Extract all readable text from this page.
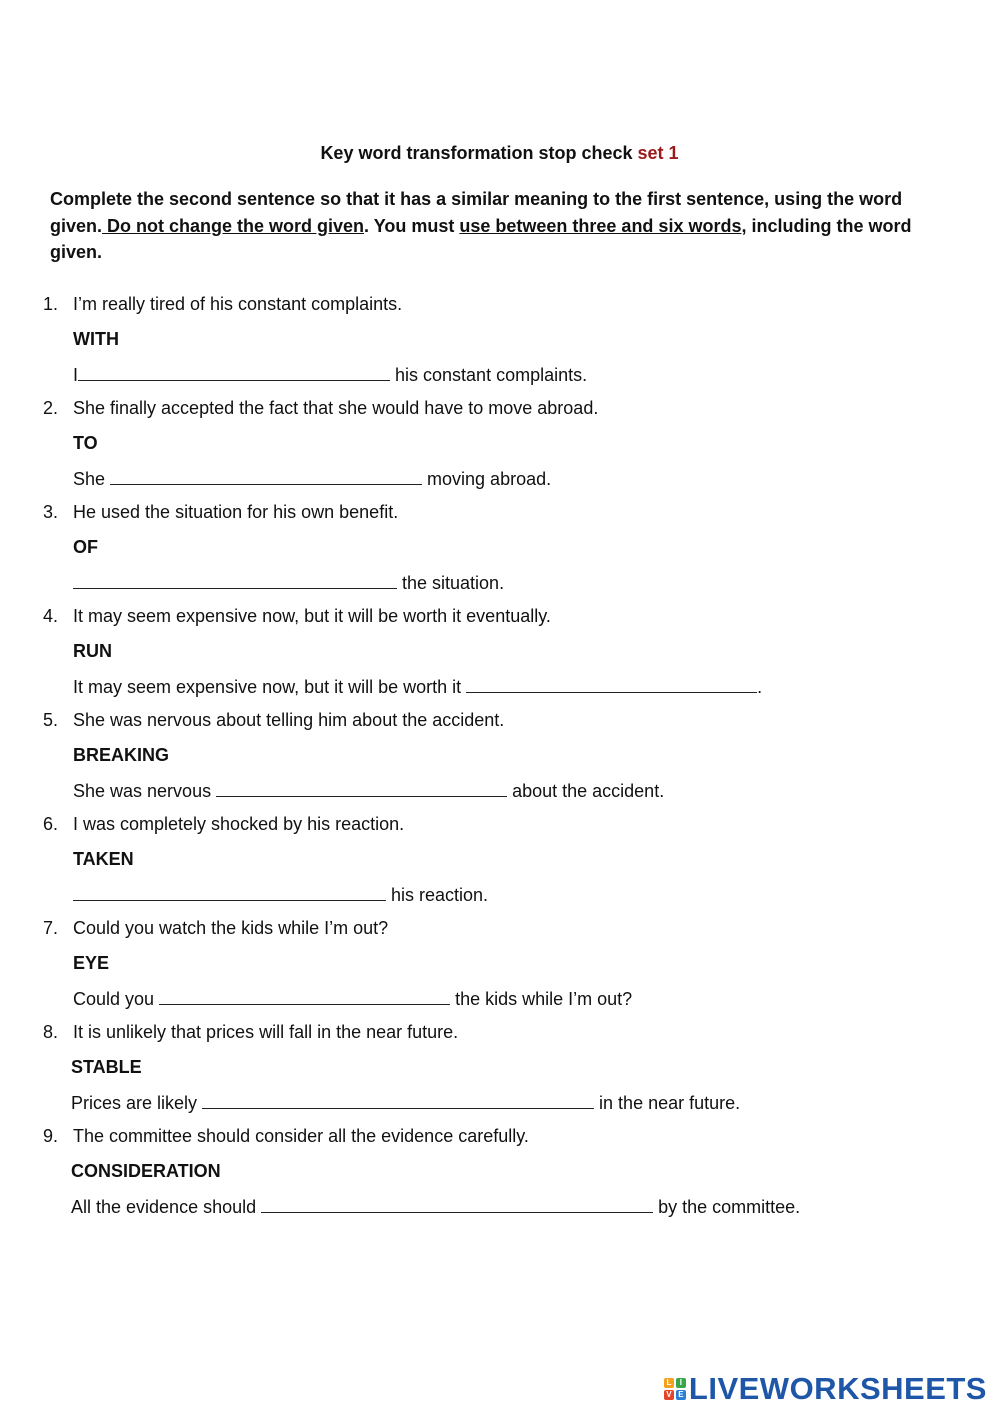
Key word transformation stop check set 1
Complete the second sentence so that it has a similar meaning to the first sentence, using the word given. Do not change the word given. You must use between three and six words, including the word given.
1. I’m really tired of his constant complaints.
WITH
I	his constant complaints.
2. She finally accepted the fact that she would have to move abroad.
TO
She	moving abroad.
3. He used the situation for his own benefit.
OF
the situation.
4. It may seem expensive now, but it will be worth it eventually.
RUN
It may seem expensive now, but it will be worth it	.
5. She was nervous about telling him about the accident.
BREAKING
She was nervous	about the accident.
6. I was completely shocked by his reaction.
TAKEN
his reaction.
7. Could you watch the kids while I’m out?
EYE
Could you	the kids while I’m out?
8. It is unlikely that prices will fall in the near future.
STABLE
Prices are likely	in the near future.
9. The committee should consider all the evidence carefully.
CONSIDERATION
All the evidence should	by the committee.
L	I
V E LIVEWORKSHEETS
